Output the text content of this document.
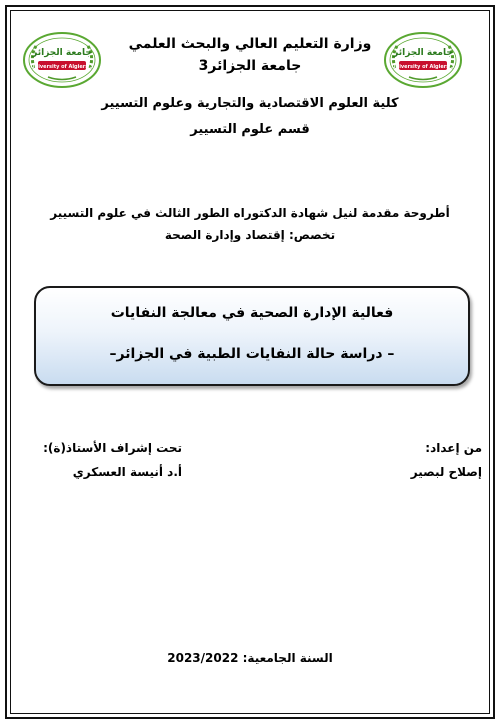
جامعة الجزائر
University of Algiers 3
جامعة الجزائر
University of Algiers 3
وزارة التعليم العالي والبحث العلمي
جامعة الجزائر3
كلية العلوم الاقتصادية والتجارية وعلوم التسيير
قسم علوم التسيير
أطروحة مقدمة لنيل شهادة الدكتوراه الطور الثالث في علوم التسيير
تخصص: إقتصاد وإدارة الصحة
فعالية الإدارة الصحية في معالجة النفايات
– دراسة حالة النفايات الطبية في الجزائر–
من إعداد:
إصلاح لبصير
تحت إشراف الأستاذ(ة):
أ.د أنيسة العسكري
السنة الجامعية: 2023/2022
